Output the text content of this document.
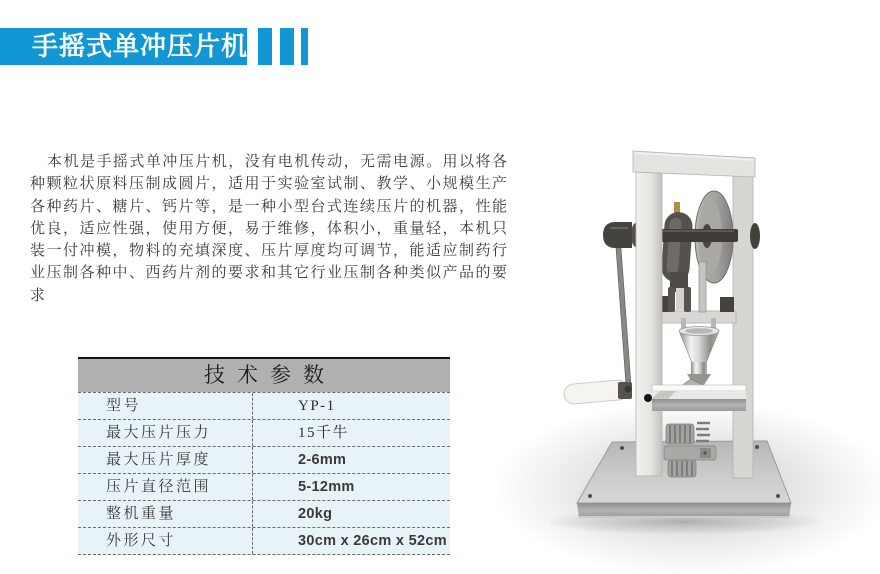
手摇式单冲压片机

本机是手摇式单冲压片机，没有电机传动，无需电源。用以将各种颗粒状原料压制成圆片，适用于实验室试制、教学、小规模生产各种药片、糖片、钙片等，是一种小型台式连续压片的机器，性能优良，适应性强，使用方便，易于维修，体积小，重量轻，本机只装一付冲模，物料的充填深度、压片厚度均可调节，能适应制药行业压制各种中、西药片剂的要求和其它行业压制各种类似产品的要求

技术参数
型号	YP-1
最大压片压力	15千牛
最大压片厚度	2-6mm
压片直径范围	5-12mm
整机重量	20kg
外形尺寸	30cm x 26cm x 52cm
